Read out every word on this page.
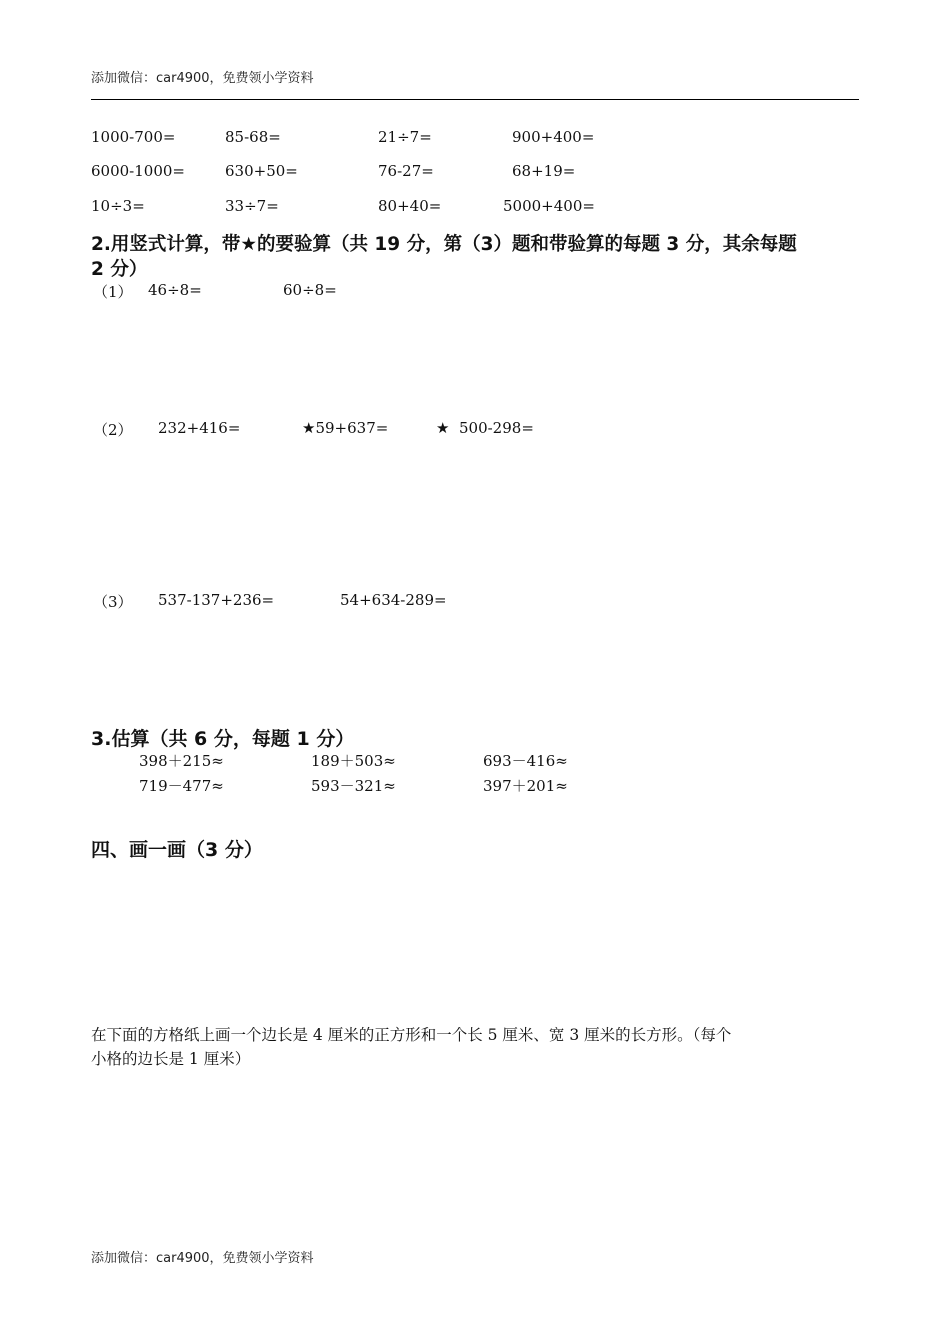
添加微信：car4900，免费领小学资料
1000-700=	85-68=	21÷7=	900+400=
6000-1000=	630+50=	76-27=	68+19=
10÷3=	33÷7=	80+40=	5000+400=
2.用竖式计算，带★的要验算（共 19 分，第（3）题和带验算的每题 3 分，其余每题
2 分）
（1） 46÷8=	60÷8=
（2） 232+416=	★59+637=	★  500-298=
（3） 537-137+236=	54+634-289=
3.估算（共 6 分，每题 1 分）
398＋215≈	189＋503≈	693－416≈
719－477≈	593－321≈	397＋201≈
四、画一画（3 分）
在下面的方格纸上画一个边长是 4 厘米的正方形和一个长 5 厘米、宽 3 厘米的长方形。（每个
小格的边长是 1 厘米）
添加微信：car4900，免费领小学资料
